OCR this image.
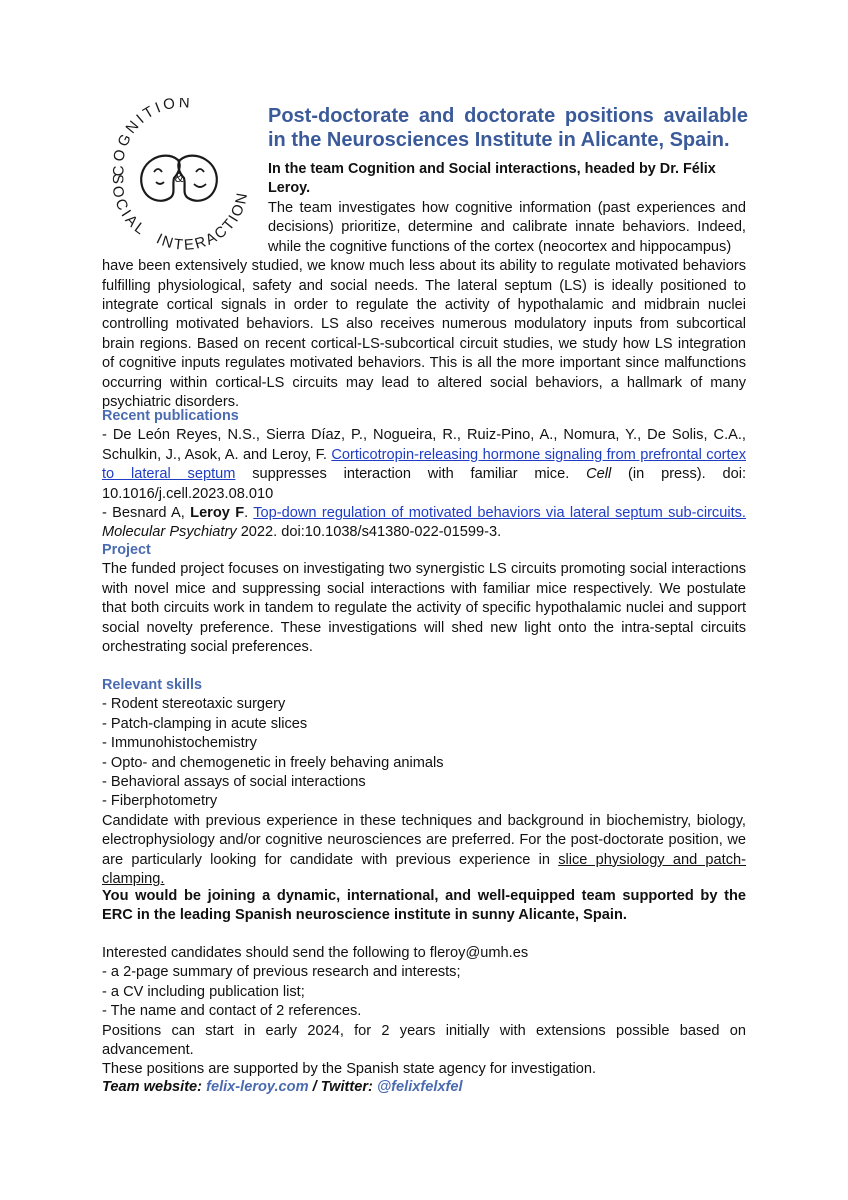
COGNITION
SOCIAL INTERACTION
&
Post-doctorate and doctorate positions available in the Neurosciences Institute in Alicante, Spain.
In the team Cognition and Social interactions, headed by Dr. Félix Leroy.
The team investigates how cognitive information (past experiences and decisions) prioritize, determine and calibrate innate behaviors. Indeed, while the cognitive functions of the cortex (neocortex and hippocampus)
have been extensively studied, we know much less about its ability to regulate motivated behaviors fulfilling physiological, safety and social needs. The lateral septum (LS) is ideally positioned to integrate cortical signals in order to regulate the activity of hypothalamic and midbrain nuclei controlling motivated behaviors. LS also receives numerous modulatory inputs from subcortical brain regions. Based on recent cortical-LS-subcortical circuit studies, we study how LS integration of cognitive inputs regulates motivated behaviors. This is all the more important since malfunctions occurring within cortical-LS circuits may lead to altered social behaviors, a hallmark of many psychiatric disorders.
Recent publications

- De León Reyes, N.S., Sierra Díaz, P., Nogueira, R., Ruiz-Pino, A., Nomura, Y., De Solis, C.A., Schulkin, J., Asok, A. and Leroy, F. Corticotropin-releasing hormone signaling from prefrontal cortex to lateral septum suppresses interaction with familiar mice. Cell (in press). doi: 10.1016/j.cell.2023.08.010

- Besnard A, Leroy F. Top-down regulation of motivated behaviors via lateral septum sub-circuits. Molecular Psychiatry 2022. doi:10.1038/s41380-022-01599-3.

Project

The funded project focuses on investigating two synergistic LS circuits promoting social interactions with novel mice and suppressing social interactions with familiar mice respectively. We postulate that both circuits work in tandem to regulate the activity of specific hypothalamic nuclei and support social novelty preference. These investigations will shed new light onto the intra-septal circuits orchestrating social preferences.

Relevant skills
- Rodent stereotaxic surgery
- Patch-clamping in acute slices
- Immunohistochemistry
- Opto- and chemogenetic in freely behaving animals
- Behavioral assays of social interactions
- Fiberphotometry

Candidate with previous experience in these techniques and background in biochemistry, biology, electrophysiology and/or cognitive neurosciences are preferred. For the post-doctorate position, we are particularly looking for candidate with previous experience in slice physiology and patch-clamping.

You would be joining a dynamic, international, and well-equipped team supported by the ERC in the leading Spanish neuroscience institute in sunny Alicante, Spain.

Interested candidates should send the following to fleroy@umh.es

- a 2-page summary of previous research and interests;
- a CV including publication list;
- The name and contact of 2 references.

Positions can start in early 2024, for 2 years initially with extensions possible based on advancement.

These positions are supported by the Spanish state agency for investigation.

Team website: felix-leroy.com / Twitter: @felixfelxfel
